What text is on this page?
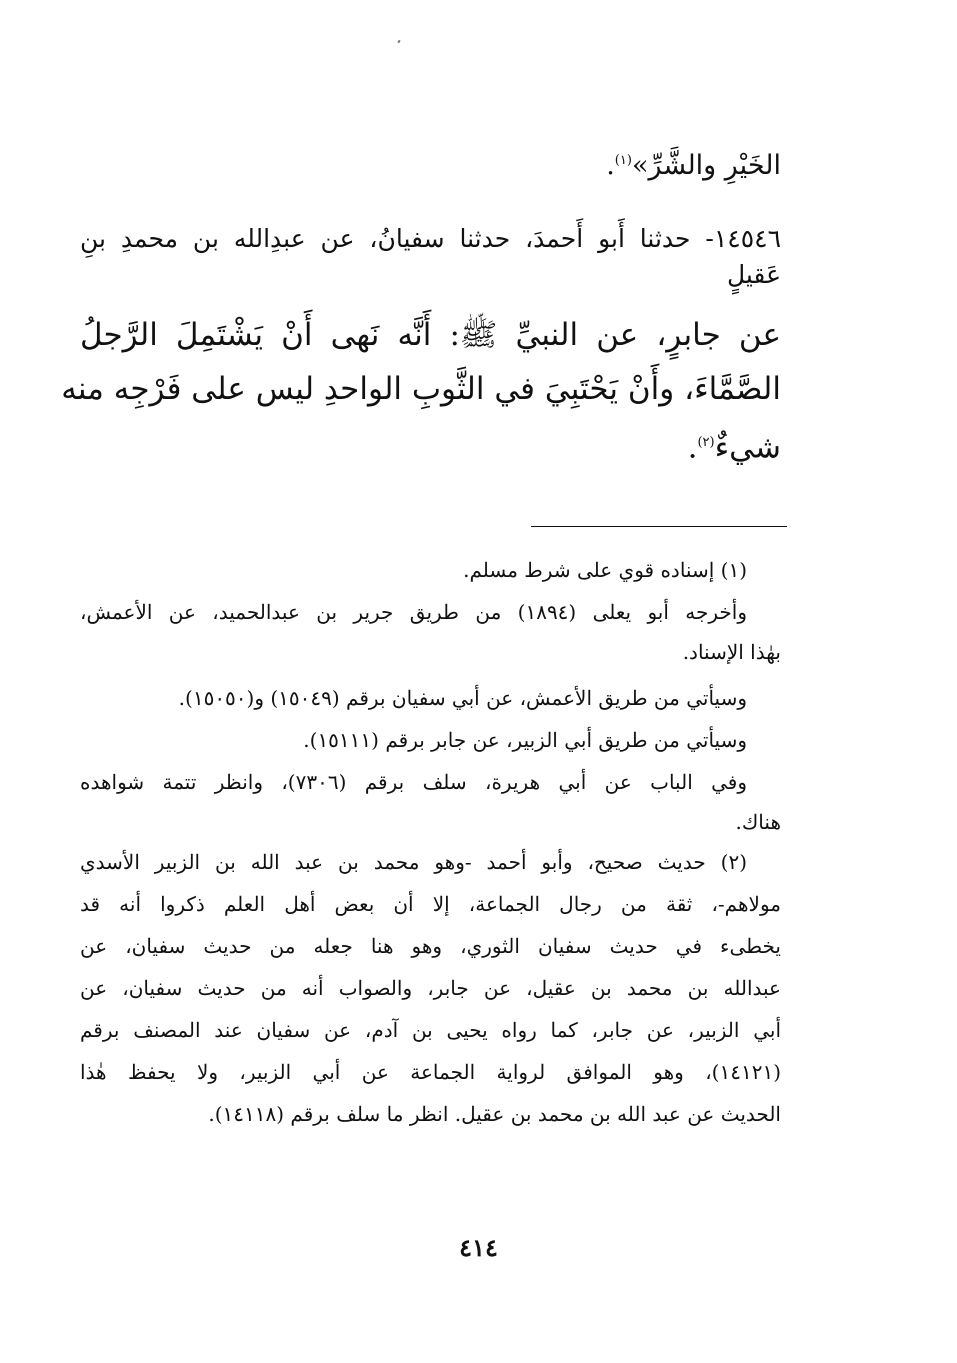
الخَيْرِ والشَّرِّ»$^{(١)}$.
١٤٥٤٦- حدثنا أَبو أَحمدَ، حدثنا سفيانُ، عن عبدِالله بن محمدِ بنِ
عَقيلٍ
عن جابرٍ، عن النبيِّ ﷺ: أَنَّه نَهى أَنْ يَشْتَمِلَ الرَّجلُ
الصَّمَّاءَ، وأَنْ يَحْتَبِيَ في الثَّوبِ الواحدِ ليس على فَرْجِه منه
شيءٌ$^{(٢)}$.
(١) إسناده قوي على شرط مسلم.
وأخرجه أبو يعلى (١٨٩٤) من طريق جرير بن عبدالحميد، عن الأعمش،
بهٰذا الإسناد.
وسيأتي من طريق الأعمش، عن أبي سفيان برقم (١٥٠٤٩) و(١٥٠٥٠).
وسيأتي من طريق أبي الزبير، عن جابر برقم (١٥١١١).
وفي الباب عن أبي هريرة، سلف برقم (٧٣٠٦)، وانظر تتمة شواهده
هناك.
(٢) حديث صحيح، وأبو أحمد -وهو محمد بن عبد الله بن الزبير الأسدي
مولاهم-، ثقة من رجال الجماعة، إلا أن بعض أهل العلم ذكروا أنه قد
يخطىء في حديث سفيان الثوري، وهو هنا جعله من حديث سفيان، عن
عبدالله بن محمد بن عقيل، عن جابر، والصواب أنه من حديث سفيان، عن
أبي الزبير، عن جابر، كما رواه يحيى بن آدم، عن سفيان عند المصنف برقم
(١٤١٢١)، وهو الموافق لرواية الجماعة عن أبي الزبير، ولا يحفظ هٰذا
الحديث عن عبد الله بن محمد بن عقيل. انظر ما سلف برقم (١٤١١٨).
٤١٤
